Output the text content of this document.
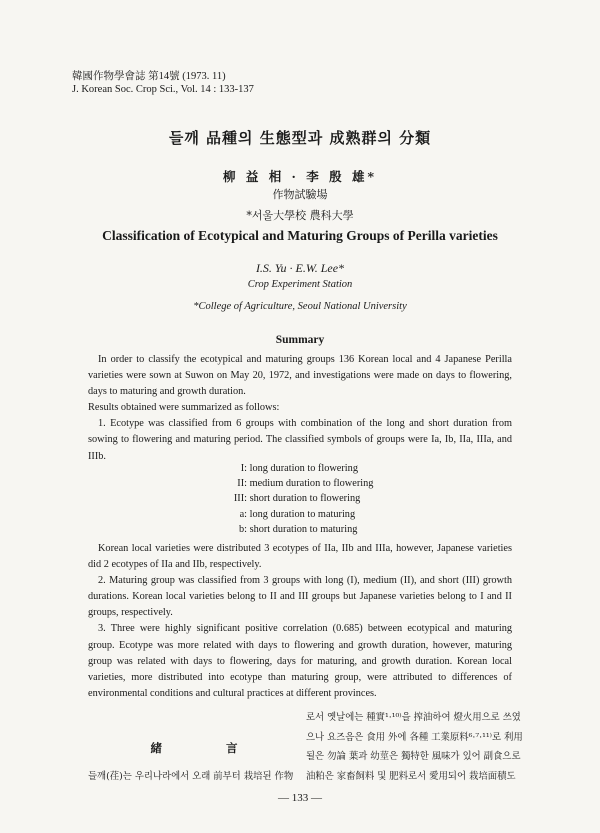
韓國作物學會誌 第14號 (1973. 11)
J. Korean Soc. Crop Sci., Vol. 14 : 133-137
들깨 品種의 生態型과 成熟群의 分類
柳 益 相 · 李 殷 雄*
作物試驗場
*서울大學校 農科大學
Classification of Ecotypical and Maturing Groups of Perilla varieties
I.S. Yu · E.W. Lee*
Crop Experiment Station
*College of Agriculture, Seoul National University
Summary

In order to classify the ecotypical and maturing groups 136 Korean local and 4 Japanese Perilla varieties were sown at Suwon on May 20, 1972, and investigations were made on days to flowering, days to maturing and growth duration.

Results obtained were summarized as follows:

1. Ecotype was classified from 6 groups with combination of the long and short duration from sowing to flowering and maturing period. The classified symbols of groups were Ia, Ib, IIa, IIIa, and IIIb.

I: long duration to flowering
II: medium duration to flowering
III: short duration to flowering
a: long duration to maturing
b: short duration to maturing

Korean local varieties were distributed 3 ecotypes of IIa, IIb and IIIa, however, Japanese varieties did 2 ecotypes of IIa and IIb, respectively.

2. Maturing group was classified from 3 groups with long (I), medium (II), and short (III) growth durations. Korean local varieties belong to II and III groups but Japanese varieties belong to I and II groups, respectively.

3. Three were highly significant positive correlation (0.685) between ecotypical and maturing group. Ecotype was more related with days to flowering and growth duration, however, maturing group was related with days to flowering, days for maturing, and growth duration. Korean local varieties, more distributed into ecotype than maturing group, were attributed to differences of environmental conditions and cultural practices at different provinces.

緒 言
들깨(荏)는 우리나라에서 오래 前부터 栽培된 作物
로서 옛날에는 種實¹·¹⁰⁾을 搾油하여 燈火用으로 쓰였
으나 요즈음은 食用 外에 各種 工業原料⁶·⁷·¹¹⁾로 利用
될은 勿論 葉과 幼莖은 獨特한 風味가 있어 副食으로
油粕은 家畜飼料 및 肥料로서 愛用되어 栽培面積도
— 133 —
